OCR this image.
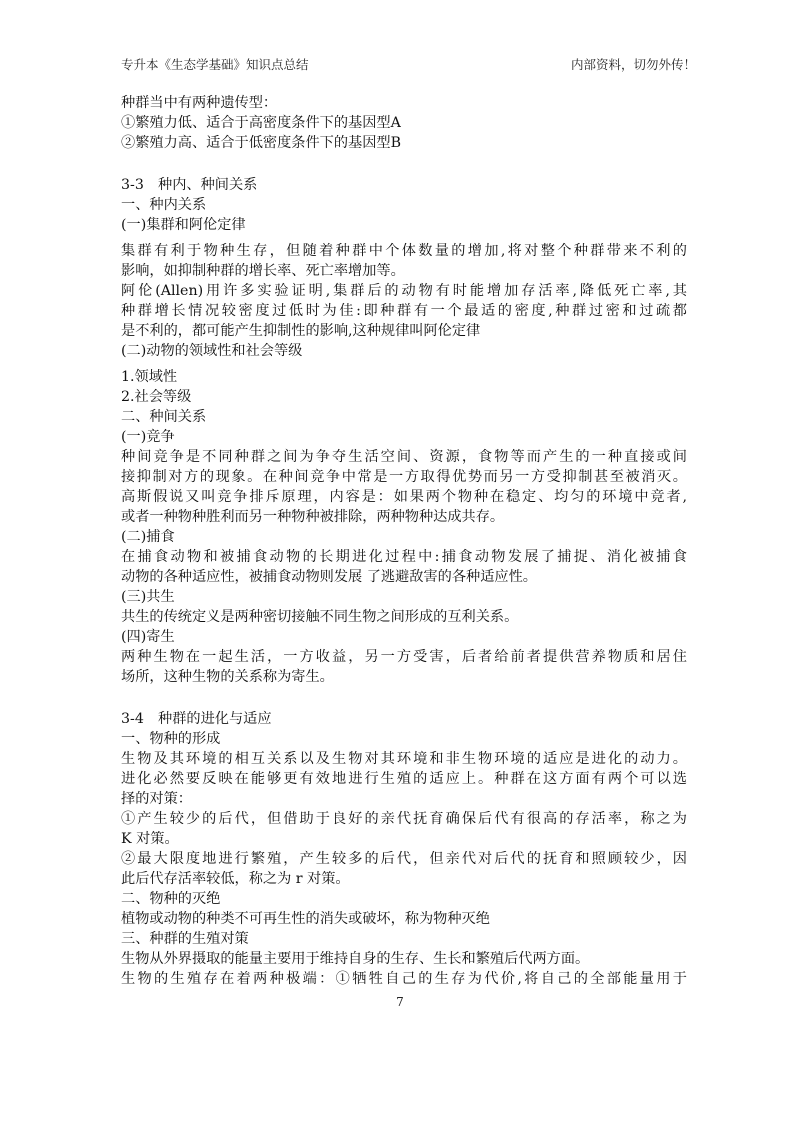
专升本《生态学基础》知识点总结	内部资料，切勿外传！
种群当中有两种遗传型：
①繁殖力低、适合于高密度条件下的基因型A
②繁殖力高、适合于低密度条件下的基因型B
3-3　种内、种间关系
一、种内关系
(一)集群和阿伦定律
集群有利于物种生存，但随着种群中个体数量的增加,将对整个种群带来不利的
影响，如抑制种群的增长率、死亡率增加等。
阿伦(Allen)用许多实验证明,集群后的动物有时能增加存活率,降低死亡率,其
种群增长情况较密度过低时为佳:即种群有一个最适的密度,种群过密和过疏都
是不利的，都可能产生抑制性的影响,这种规律叫阿伦定律
(二)动物的领域性和社会等级
1.领域性
2.社会等级
二、种间关系
(一)竞争
种间竞争是不同种群之间为争夺生活空间、资源，食物等而产生的一种直接或间
接抑制对方的现象。在种间竞争中常是一方取得优势而另一方受抑制甚至被消灭。
高斯假说又叫竞争排斥原理，内容是：如果两个物种在稳定、均匀的环境中竞者,
或者一种物种胜利而另一种物种被排除，两种物种达成共存。
(二)捕食
在捕食动物和被捕食动物的长期进化过程中:捕食动物发展了捕捉、消化被捕食
动物的各种适应性，被捕食动物则发展 了逃避敌害的各种适应性。
(三)共生
共生的传统定义是两种密切接触不同生物之间形成的互利关系。
(四)寄生
两种生物在一起生活，一方收益，另一方受害，后者给前者提供营养物质和居住
场所，这种生物的关系称为寄生。
3-4　种群的进化与适应
一、物种的形成
生物及其环境的相互关系以及生物对其环境和非生物环境的适应是进化的动力。
进化必然要反映在能够更有效地进行生殖的适应上。种群在这方面有两个可以选
择的对策：
①产生较少的后代，但借助于良好的亲代抚育确保后代有很高的存活率，称之为
K 对策。
②最大限度地进行繁殖，产生较多的后代，但亲代对后代的抚育和照顾较少，因
此后代存活率较低，称之为 r 对策。
二、物种的灭绝
植物或动物的种类不可再生性的消失或破坏，称为物种灭绝
三、种群的生殖对策
生物从外界摄取的能量主要用于维持自身的生存、生长和繁殖后代两方面。
生物的生殖存在着两种极端：①牺牲自己的生存为代价,将自己的全部能量用于
7
